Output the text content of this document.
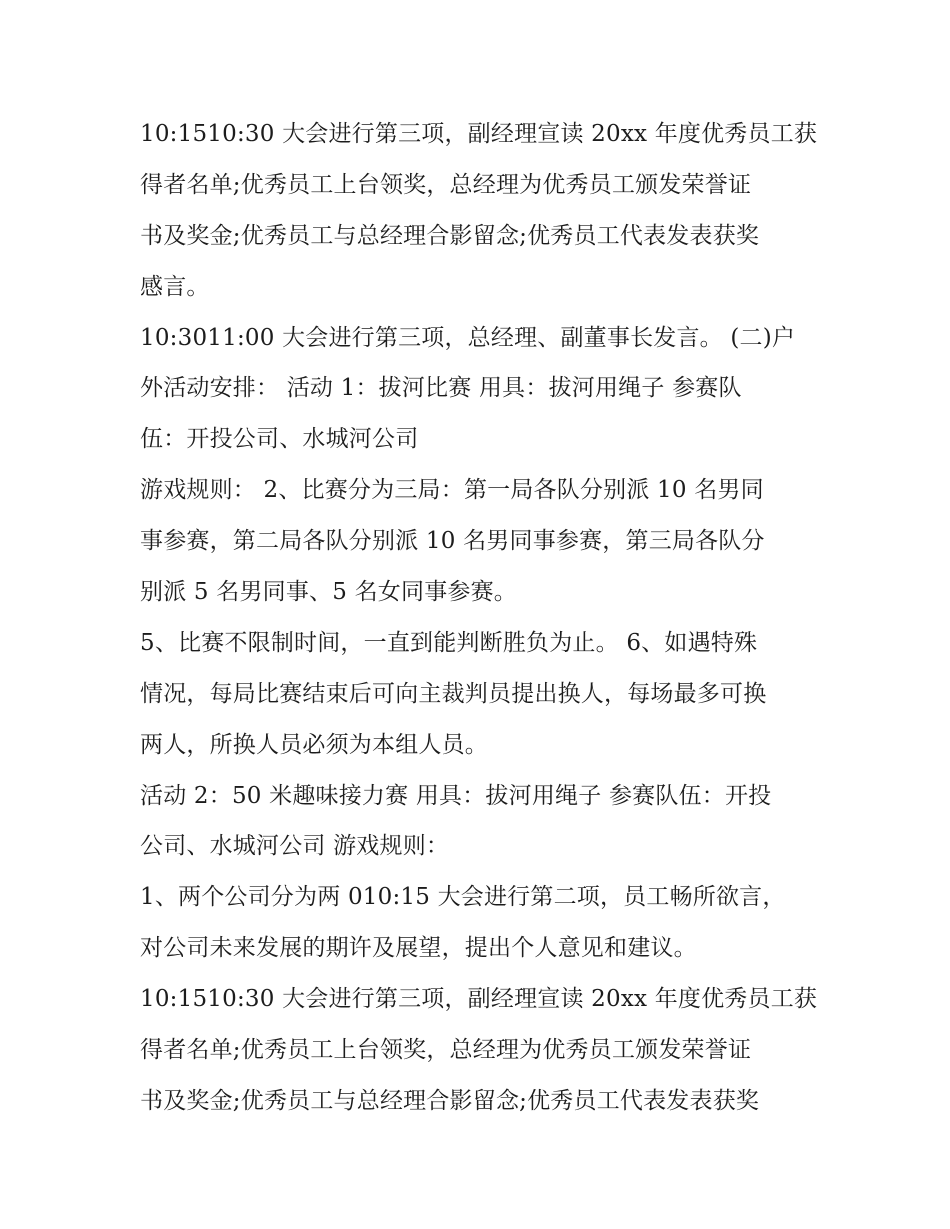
10:1510:30 大会进行第三项，副经理宣读 20xx 年度优秀员工获

得者名单;优秀员工上台领奖，总经理为优秀员工颁发荣誉证

书及奖金;优秀员工与总经理合影留念;优秀员工代表发表获奖

感言。

10:3011:00 大会进行第三项，总经理、副董事长发言。 (二)户

外活动安排： 活动 1：拔河比赛 用具：拔河用绳子 参赛队

伍：开投公司、水城河公司

游戏规则： 2、比赛分为三局：第一局各队分别派 10 名男同

事参赛，第二局各队分别派 10 名男同事参赛，第三局各队分

别派 5 名男同事、5 名女同事参赛。

5、比赛不限制时间，一直到能判断胜负为止。 6、如遇特殊

情况，每局比赛结束后可向主裁判员提出换人，每场最多可换

两人，所换人员必须为本组人员。

活动 2：50 米趣味接力赛 用具：拔河用绳子 参赛队伍：开投

公司、水城河公司 游戏规则：

1、两个公司分为两 010:15 大会进行第二项，员工畅所欲言，

对公司未来发展的期许及展望，提出个人意见和建议。

10:1510:30 大会进行第三项，副经理宣读 20xx 年度优秀员工获

得者名单;优秀员工上台领奖，总经理为优秀员工颁发荣誉证

书及奖金;优秀员工与总经理合影留念;优秀员工代表发表获奖
